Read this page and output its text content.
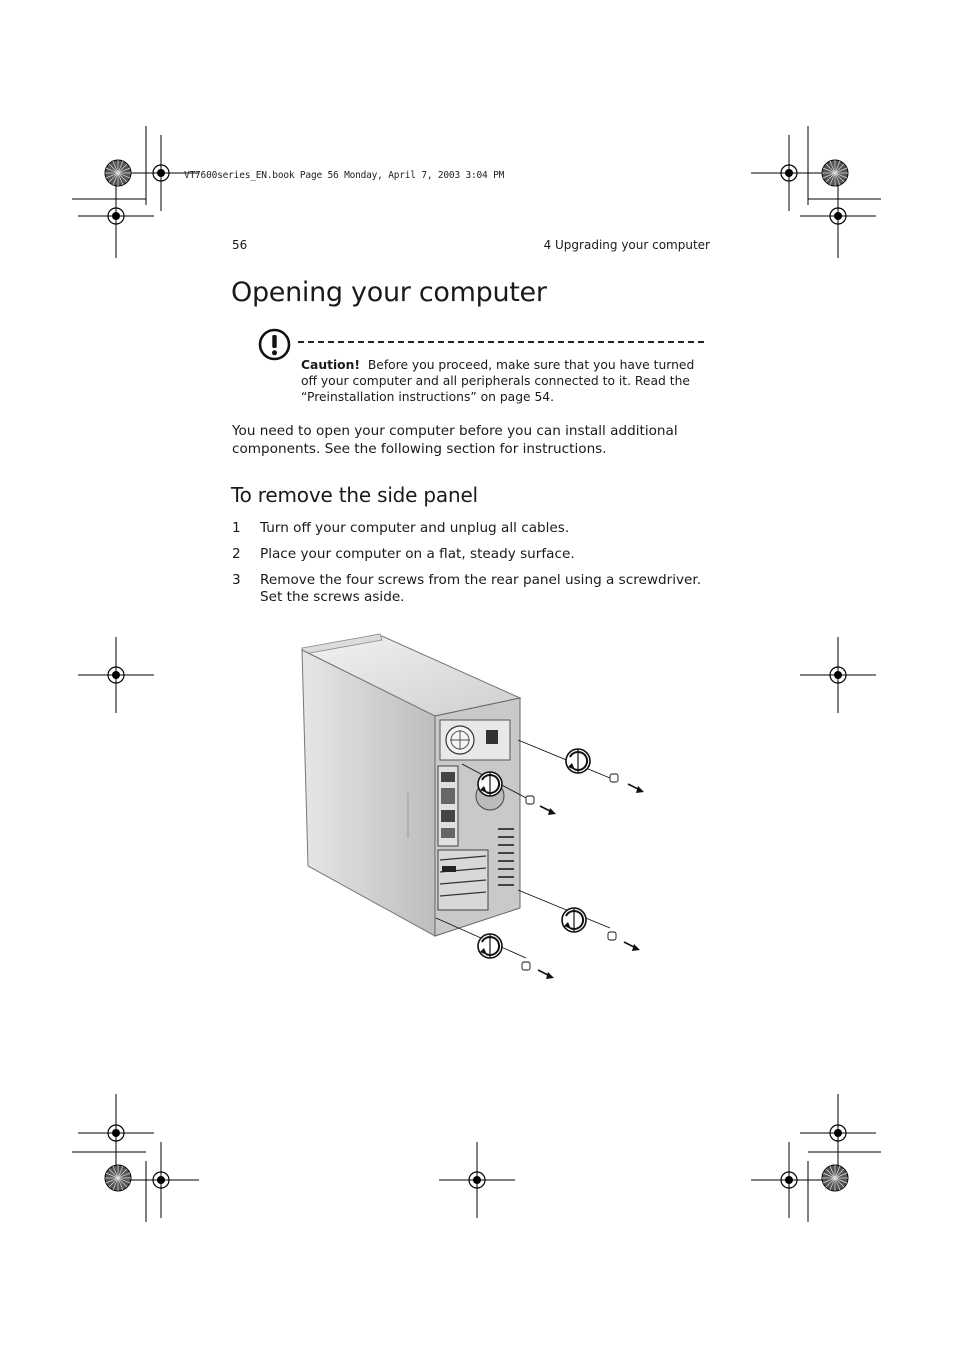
VT7600series_EN.book Page 56 Monday, April 7, 2003 3:04 PM
56	4 Upgrading your computer
Opening your computer
Caution! Before you proceed, make sure that you have turned off your computer and all peripherals connected to it. Read the “Preinstallation instructions” on page 54.

You need to open your computer before you can install additional components. See the following section for instructions.

To remove the side panel
1 Turn off your computer and unplug all cables.
2 Place your computer on a flat, steady surface.
3 Remove the four screws from the rear panel using a screwdriver. Set the screws aside.
